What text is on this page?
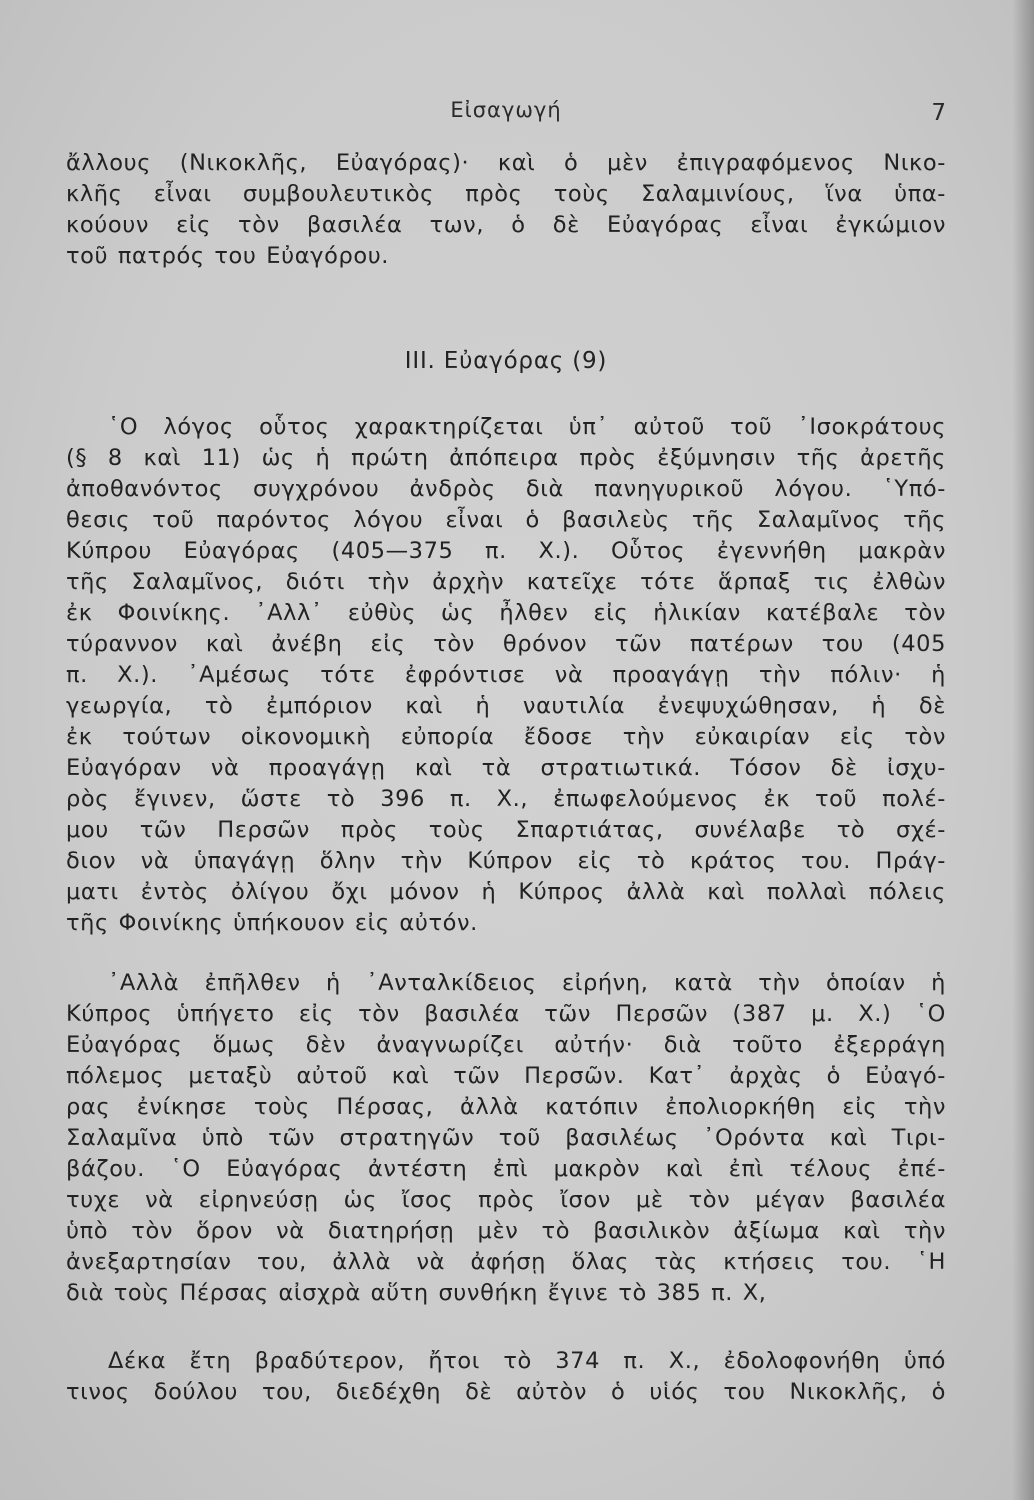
Εἰσαγωγή	7
ἄλλους (Νικοκλῆς, Εὐαγόρας)· καὶ ὁ μὲν ἐπιγραφόμενος Νικο-
κλῆς εἶναι συμβουλευτικὸς πρὸς τοὺς Σαλαμινίους, ἵνα ὑπα-
κούουν εἰς τὸν βασιλέα των, ὁ δὲ Εὐαγόρας εἶναι ἐγκώμιον
τοῦ πατρός του Εὐαγόρου.
III. Εὐαγόρας (9)
῾Ο λόγος οὗτος χαρακτηρίζεται ὑπ᾽ αὐτοῦ τοῦ ᾽Ισοκράτους
(§ 8 καὶ 11) ὡς ἡ πρώτη ἀπόπειρα πρὸς ἐξύμνησιν τῆς ἀρετῆς
ἀποθανόντος συγχρόνου ἀνδρὸς διὰ πανηγυρικοῦ λόγου. ῾Υπό-
θεσις τοῦ παρόντος λόγου εἶναι ὁ βασιλεὺς τῆς Σαλαμῖνος τῆς
Κύπρου Εὐαγόρας (405—375 π. Χ.). Οὗτος ἐγεννήθη μακρὰν
τῆς Σαλαμῖνος, διότι τὴν ἀρχὴν κατεῖχε τότε ἅρπαξ τις ἐλθὼν
ἐκ Φοινίκης. ᾽Αλλ᾽ εὐθὺς ὡς ἦλθεν εἰς ἡλικίαν κατέβαλε τὸν
τύραννον καὶ ἀνέβη εἰς τὸν θρόνον τῶν πατέρων του (405
π. Χ.). ᾽Αμέσως τότε ἐφρόντισε νὰ προαγάγῃ τὴν πόλιν· ἡ
γεωργία, τὸ ἐμπόριον καὶ ἡ ναυτιλία ἐνεψυχώθησαν, ἡ δὲ
ἐκ τούτων οἰκονομικὴ εὐπορία ἔδοσε τὴν εὐκαιρίαν εἰς τὸν
Εὐαγόραν νὰ προαγάγῃ καὶ τὰ στρατιωτικά. Τόσον δὲ ἰσχυ-
ρὸς ἔγινεν, ὥστε τὸ 396 π. Χ., ἐπωφελούμενος ἐκ τοῦ πολέ-
μου τῶν Περσῶν πρὸς τοὺς Σπαρτιάτας, συνέλαβε τὸ σχέ-
διον νὰ ὑπαγάγῃ ὅλην τὴν Κύπρον εἰς τὸ κράτος του. Πράγ-
ματι ἐντὸς ὀλίγου ὄχι μόνον ἡ Κύπρος ἀλλὰ καὶ πολλαὶ πόλεις
τῆς Φοινίκης ὑπήκουον εἰς αὐτόν.
᾽Αλλὰ ἐπῆλθεν ἡ ᾽Ανταλκίδειος εἰρήνη, κατὰ τὴν ὁποίαν ἡ
Κύπρος ὑπήγετο εἰς τὸν βασιλέα τῶν Περσῶν (387 μ. Χ.) ῾Ο
Εὐαγόρας ὅμως δὲν ἀναγνωρίζει αὐτήν· διὰ τοῦτο ἐξερράγη
πόλεμος μεταξὺ αὐτοῦ καὶ τῶν Περσῶν. Κατ᾽ ἀρχὰς ὁ Εὐαγό-
ρας ἐνίκησε τοὺς Πέρσας, ἀλλὰ κατόπιν ἐπολιορκήθη εἰς τὴν
Σαλαμῖνα ὑπὸ τῶν στρατηγῶν τοῦ βασιλέως ᾽Ορόντα καὶ Τιρι-
βάζου. ῾Ο Εὐαγόρας ἀντέστη ἐπὶ μακρὸν καὶ ἐπὶ τέλους ἐπέ-
τυχε νὰ εἰρηνεύσῃ ὡς ἴσος πρὸς ἴσον μὲ τὸν μέγαν βασιλέα
ὑπὸ τὸν ὅρον νὰ διατηρήσῃ μὲν τὸ βασιλικὸν ἀξίωμα καὶ τὴν
ἀνεξαρτησίαν του, ἀλλὰ νὰ ἀφήσῃ ὅλας τὰς κτήσεις του. ῾Η
διὰ τοὺς Πέρσας αἰσχρὰ αὕτη συνθήκη ἔγινε τὸ 385 π. Χ,
Δέκα ἔτη βραδύτερον, ἤτοι τὸ 374 π. Χ., ἐδολοφονήθη ὑπό
τινος δούλου του, διεδέχθη δὲ αὐτὸν ὁ υἱός του Νικοκλῆς, ὁ
